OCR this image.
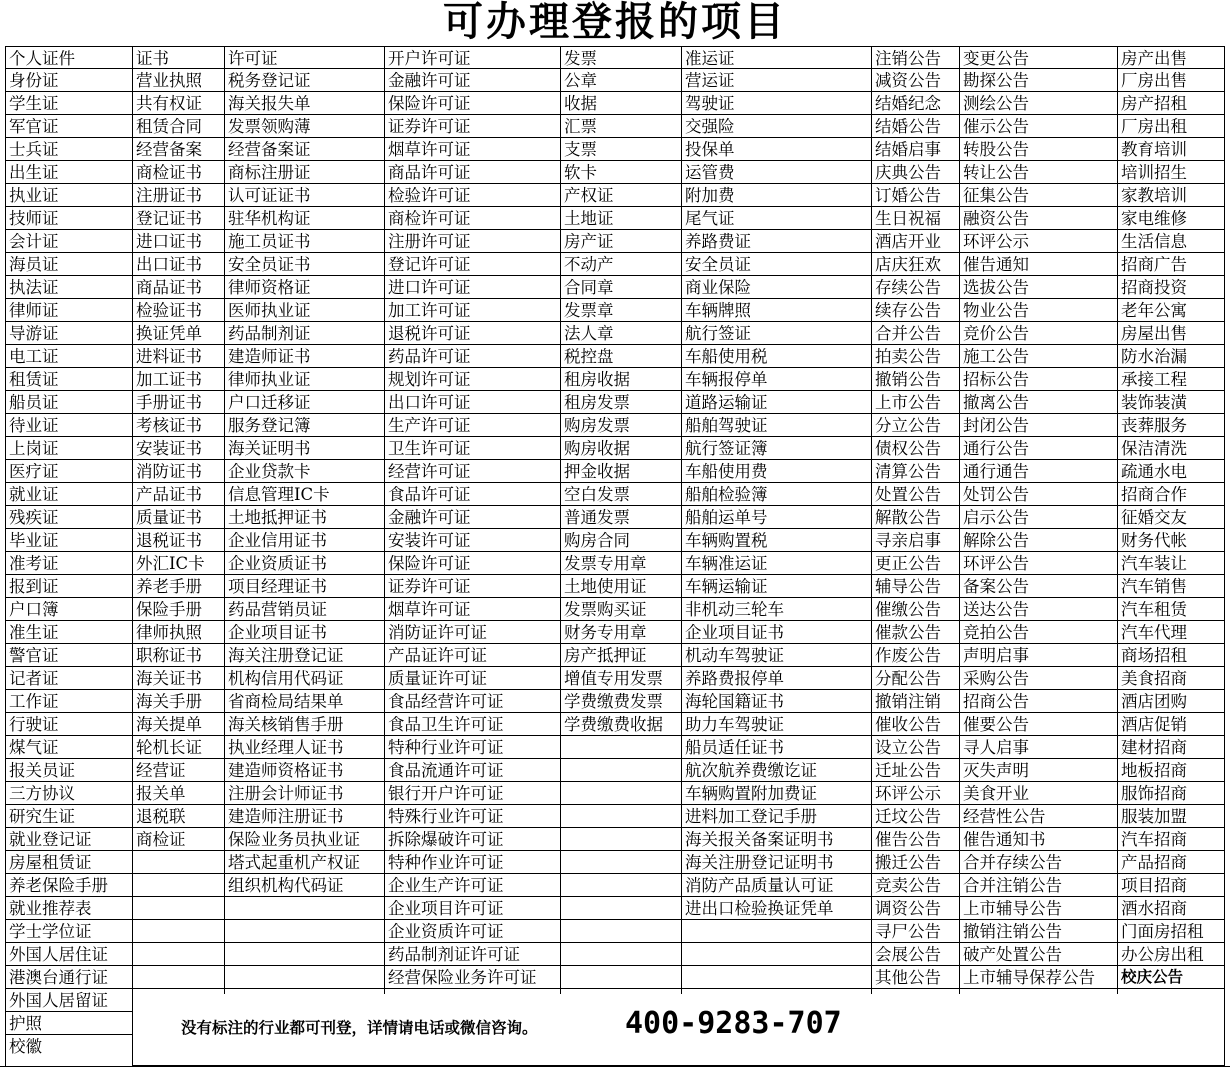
可办理登报的项目
个人证件
身份证
学生证
军官证
士兵证
出生证
执业证
技师证
会计证
海员证
执法证
律师证
导游证
电工证
租赁证
船员证
待业证
上岗证
医疗证
就业证
残疾证
毕业证
准考证
报到证
户口簿
准生证
警官证
记者证
工作证
行驶证
煤气证
报关员证
三方协议
研究生证
就业登记证
房屋租赁证
养老保险手册
就业推荐表
学士学位证
外国人居住证
港澳台通行证
外国人居留证
护照
校徽
证书
营业执照
共有权证
租赁合同
经营备案
商检证书
注册证书
登记证书
进口证书
出口证书
商品证书
检验证书
换证凭单
进料证书
加工证书
手册证书
考核证书
安装证书
消防证书
产品证书
质量证书
退税证书
外汇IC卡
养老手册
保险手册
律师执照
职称证书
海关证书
海关手册
海关提单
轮机长证
经营证
报关单
退税联
商检证
许可证
税务登记证
海关报失单
发票领购薄
经营备案证
商标注册证
认可证证书
驻华机构证
施工员证书
安全员证书
律师资格证
医师执业证
药品制剂证
建造师证书
律师执业证
户口迁移证
服务登记簿
海关证明书
企业贷款卡
信息管理IC卡
土地抵押证书
企业信用证书
企业资质证书
项目经理证书
药品营销员证
企业项目证书
海关注册登记证
机构信用代码证
省商检局结果单
海关核销售手册
执业经理人证书
建造师资格证书
注册会计师证书
建造师注册证书
保险业务员执业证
塔式起重机产权证
组织机构代码证
开户许可证
金融许可证
保险许可证
证券许可证
烟草许可证
商品许可证
检验许可证
商检许可证
注册许可证
登记许可证
进口许可证
加工许可证
退税许可证
药品许可证
规划许可证
出口许可证
生产许可证
卫生许可证
经营许可证
食品许可证
金融许可证
安装许可证
保险许可证
证券许可证
烟草许可证
消防证许可证
产品证许可证
质量证许可证
食品经营许可证
食品卫生许可证
特种行业许可证
食品流通许可证
银行开户许可证
特殊行业许可证
拆除爆破许可证
特种作业许可证
企业生产许可证
企业项目许可证
企业资质许可证
药品制剂证许可证
经营保险业务许可证
发票
公章
收据
汇票
支票
软卡
产权证
土地证
房产证
不动产
合同章
发票章
法人章
税控盘
租房收据
租房发票
购房发票
购房收据
押金收据
空白发票
普通发票
购房合同
发票专用章
土地使用证
发票购买证
财务专用章
房产抵押证
增值专用发票
学费缴费发票
学费缴费收据
准运证
营运证
驾驶证
交强险
投保单
运管费
附加费
尾气证
养路费证
安全员证
商业保险
车辆牌照
航行签证
车船使用税
车辆报停单
道路运输证
船舶驾驶证
航行签证簿
车船使用费
船舶检验簿
船舶运单号
车辆购置税
车辆准运证
车辆运输证
非机动三轮车
企业项目证书
机动车驾驶证
养路费报停单
海轮国籍证书
助力车驾驶证
船员适任证书
航次航养费缴讫证
车辆购置附加费证
进料加工登记手册
海关报关备案证明书
海关注册登记证明书
消防产品质量认可证
进出口检验换证凭单
注销公告
减资公告
结婚纪念
结婚公告
结婚启事
庆典公告
订婚公告
生日祝福
酒店开业
店庆狂欢
存续公告
续存公告
合并公告
拍卖公告
撤销公告
上市公告
分立公告
债权公告
清算公告
处置公告
解散公告
寻亲启事
更正公告
辅导公告
催缴公告
催款公告
作废公告
分配公告
撤销注销
催收公告
设立公告
迁址公告
环评公示
迁坟公告
催告公告
搬迁公告
竞卖公告
调资公告
寻尸公告
会展公告
其他公告
变更公告
勘探公告
测绘公告
催示公告
转股公告
转让公告
征集公告
融资公告
环评公示
催告通知
选拔公告
物业公告
竞价公告
施工公告
招标公告
撤离公告
封闭公告
通行公告
通行通告
处罚公告
启示公告
解除公告
环评公告
备案公告
送达公告
竞拍公告
声明启事
采购公告
招商公告
催要公告
寻人启事
灭失声明
美食开业
经营性公告
催告通知书
合并存续公告
合并注销公告
上市辅导公告
撤销注销公告
破产处置公告
上市辅导保荐公告
房产出售
厂房出售
房产招租
厂房出租
教育培训
培训招生
家教培训
家电维修
生活信息
招商广告
招商投资
老年公寓
房屋出售
防水治漏
承接工程
装饰装潢
丧葬服务
保洁清洗
疏通水电
招商合作
征婚交友
财务代帐
汽车装让
汽车销售
汽车租赁
汽车代理
商场招租
美食招商
酒店团购
酒店促销
建材招商
地板招商
服饰招商
服装加盟
汽车招商
产品招商
项目招商
酒水招商
门面房招租
办公房出租
校庆公告
没有标注的行业都可刊登，详情请电话或微信咨询。	400-9283-707
